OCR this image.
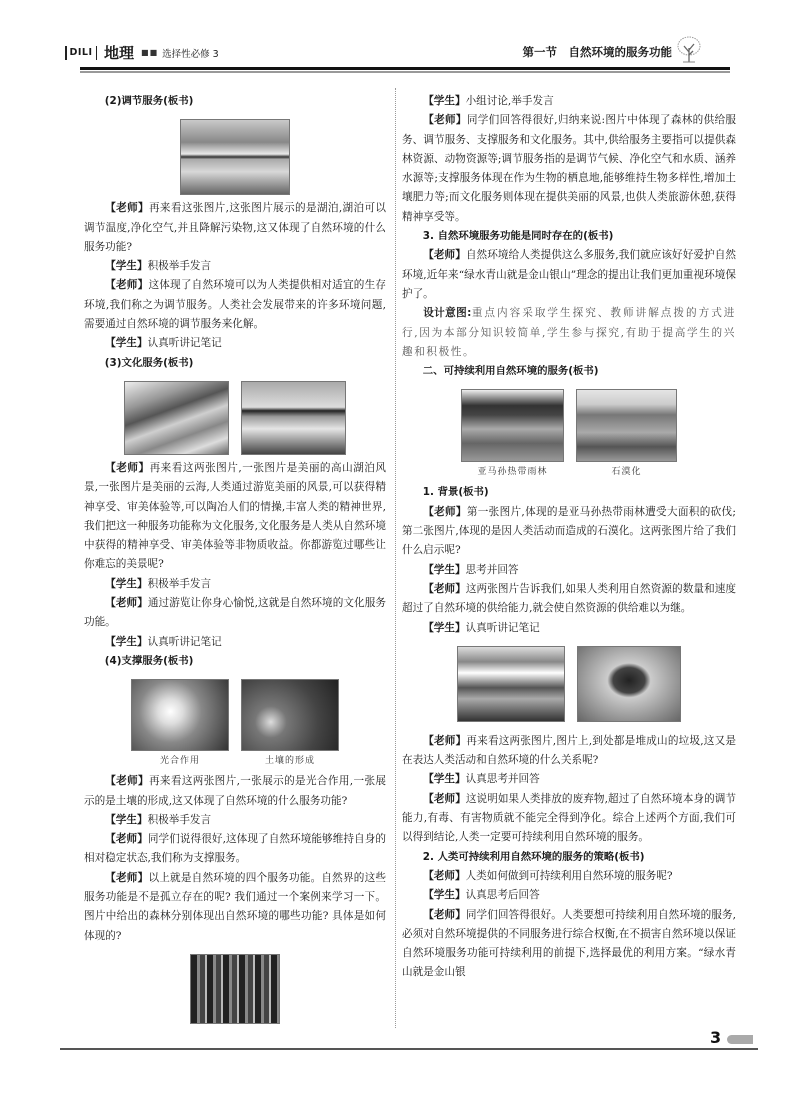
DILI 地理 ■■ 选择性必修 3	第一节　自然环境的服务功能
(2)调节服务(板书)

【老师】再来看这张图片,这张图片展示的是湖泊,湖泊可以调节温度,净化空气,并且降解污染物,这又体现了自然环境的什么服务功能?

【学生】积极举手发言

【老师】这体现了自然环境可以为人类提供相对适宜的生存环境,我们称之为调节服务。人类社会发展带来的许多环境问题,需要通过自然环境的调节服务来化解。

【学生】认真听讲记笔记

(3)文化服务(板书)

【老师】再来看这两张图片,一张图片是美丽的高山湖泊风景,一张图片是美丽的云海,人类通过游览美丽的风景,可以获得精神享受、审美体验等,可以陶冶人们的情操,丰富人类的精神世界,我们把这一种服务功能称为文化服务,文化服务是人类从自然环境中获得的精神享受、审美体验等非物质收益。你都游览过哪些让你难忘的美景呢?

【学生】积极举手发言

【老师】通过游览让你身心愉悦,这就是自然环境的文化服务功能。

【学生】认真听讲记笔记

(4)支撑服务(板书)
光合作用	土壤的形成

【老师】再来看这两张图片,一张展示的是光合作用,一张展示的是土壤的形成,这又体现了自然环境的什么服务功能?

【学生】积极举手发言

【老师】同学们说得很好,这体现了自然环境能够维持自身的相对稳定状态,我们称为支撑服务。

【老师】以上就是自然环境的四个服务功能。自然界的这些服务功能是不是孤立存在的呢? 我们通过一个案例来学习一下。图片中给出的森林分别体现出自然环境的哪些功能? 具体是如何体现的?

【学生】小组讨论,举手发言

【老师】同学们回答得很好,归纳来说:图片中体现了森林的供给服务、调节服务、支撑服务和文化服务。其中,供给服务主要指可以提供森林资源、动物资源等;调节服务指的是调节气候、净化空气和水质、涵养水源等;支撑服务体现在作为生物的栖息地,能够维持生物多样性,增加土壤肥力等;而文化服务则体现在提供美丽的风景,也供人类旅游休憩,获得精神享受等。

3. 自然环境服务功能是同时存在的(板书)

【老师】自然环境给人类提供这么多服务,我们就应该好好爱护自然环境,近年来“绿水青山就是金山银山”理念的提出让我们更加重视环境保护了。

设计意图:重点内容采取学生探究、教师讲解点拨的方式进行,因为本部分知识较简单,学生参与探究,有助于提高学生的兴趣和积极性。

二、可持续利用自然环境的服务(板书)
亚马孙热带雨林	石漠化
1. 背景(板书)

【老师】第一张图片,体现的是亚马孙热带雨林遭受大面积的砍伐;第二张图片,体现的是因人类活动而造成的石漠化。这两张图片给了我们什么启示呢?

【学生】思考并回答

【老师】这两张图片告诉我们,如果人类利用自然资源的数量和速度超过了自然环境的供给能力,就会使自然资源的供给难以为继。

【学生】认真听讲记笔记

【老师】再来看这两张图片,图片上,到处都是堆成山的垃圾,这又是在表达人类活动和自然环境的什么关系呢?

【学生】认真思考并回答

【老师】这说明如果人类排放的废弃物,超过了自然环境本身的调节能力,有毒、有害物质就不能完全得到净化。综合上述两个方面,我们可以得到结论,人类一定要可持续利用自然环境的服务。

2. 人类可持续利用自然环境的服务的策略(板书)

【老师】人类如何做到可持续利用自然环境的服务呢?

【学生】认真思考后回答

【老师】同学们回答得很好。人类要想可持续利用自然环境的服务,必须对自然环境提供的不同服务进行综合权衡,在不损害自然环境以保证自然环境服务功能可持续利用的前提下,选择最优的利用方案。“绿水青山就是金山银

3
